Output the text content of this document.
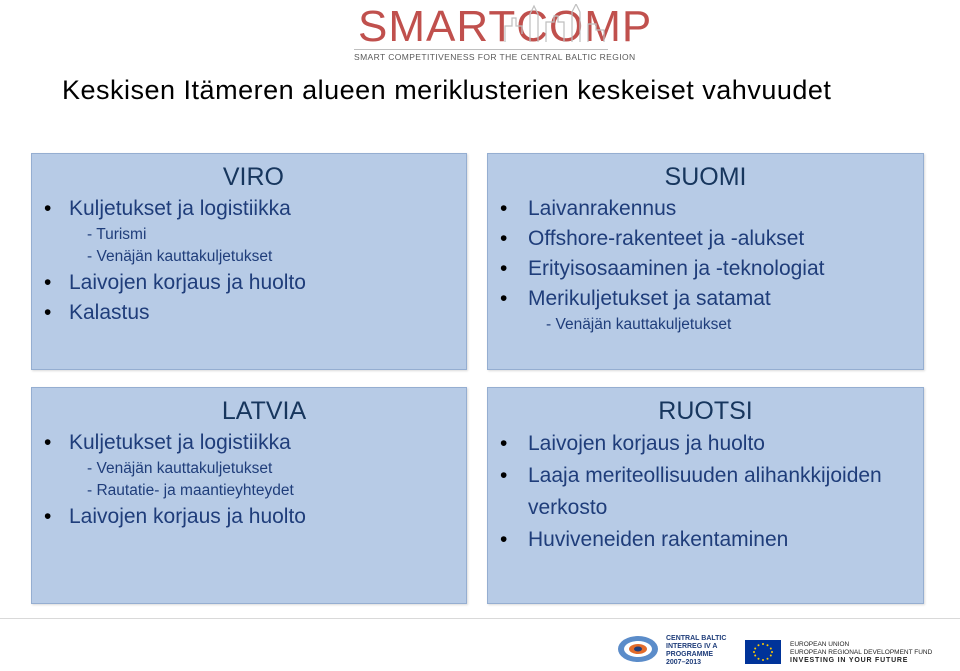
SMARTCOMP
SMART COMPETITIVENESS FOR THE CENTRAL BALTIC REGION
Keskisen Itämeren alueen meriklusterien keskeiset vahvuudet
VIRO
• Kuljetukset ja logistiikka
- Turismi
- Venäjän kauttakuljetukset
• Laivojen korjaus ja huolto
• Kalastus
SUOMI
• Laivanrakennus
• Offshore-rakenteet ja -alukset
• Erityisosaaminen ja -teknologiat
• Merikuljetukset ja satamat
- Venäjän kauttakuljetukset
LATVIA
• Kuljetukset ja logistiikka
- Venäjän kauttakuljetukset
- Rautatie- ja maantieyhteydet
• Laivojen korjaus ja huolto
RUOTSI
• Laivojen korjaus ja huolto
• Laaja meriteollisuuden alihankkijoiden verkosto
• Huviveneiden rakentaminen
CENTRAL BALTIC
INTERREG IV A
PROGRAMME
2007–2013
EUROPEAN UNION
EUROPEAN REGIONAL DEVELOPMENT FUND
INVESTING IN YOUR FUTURE
